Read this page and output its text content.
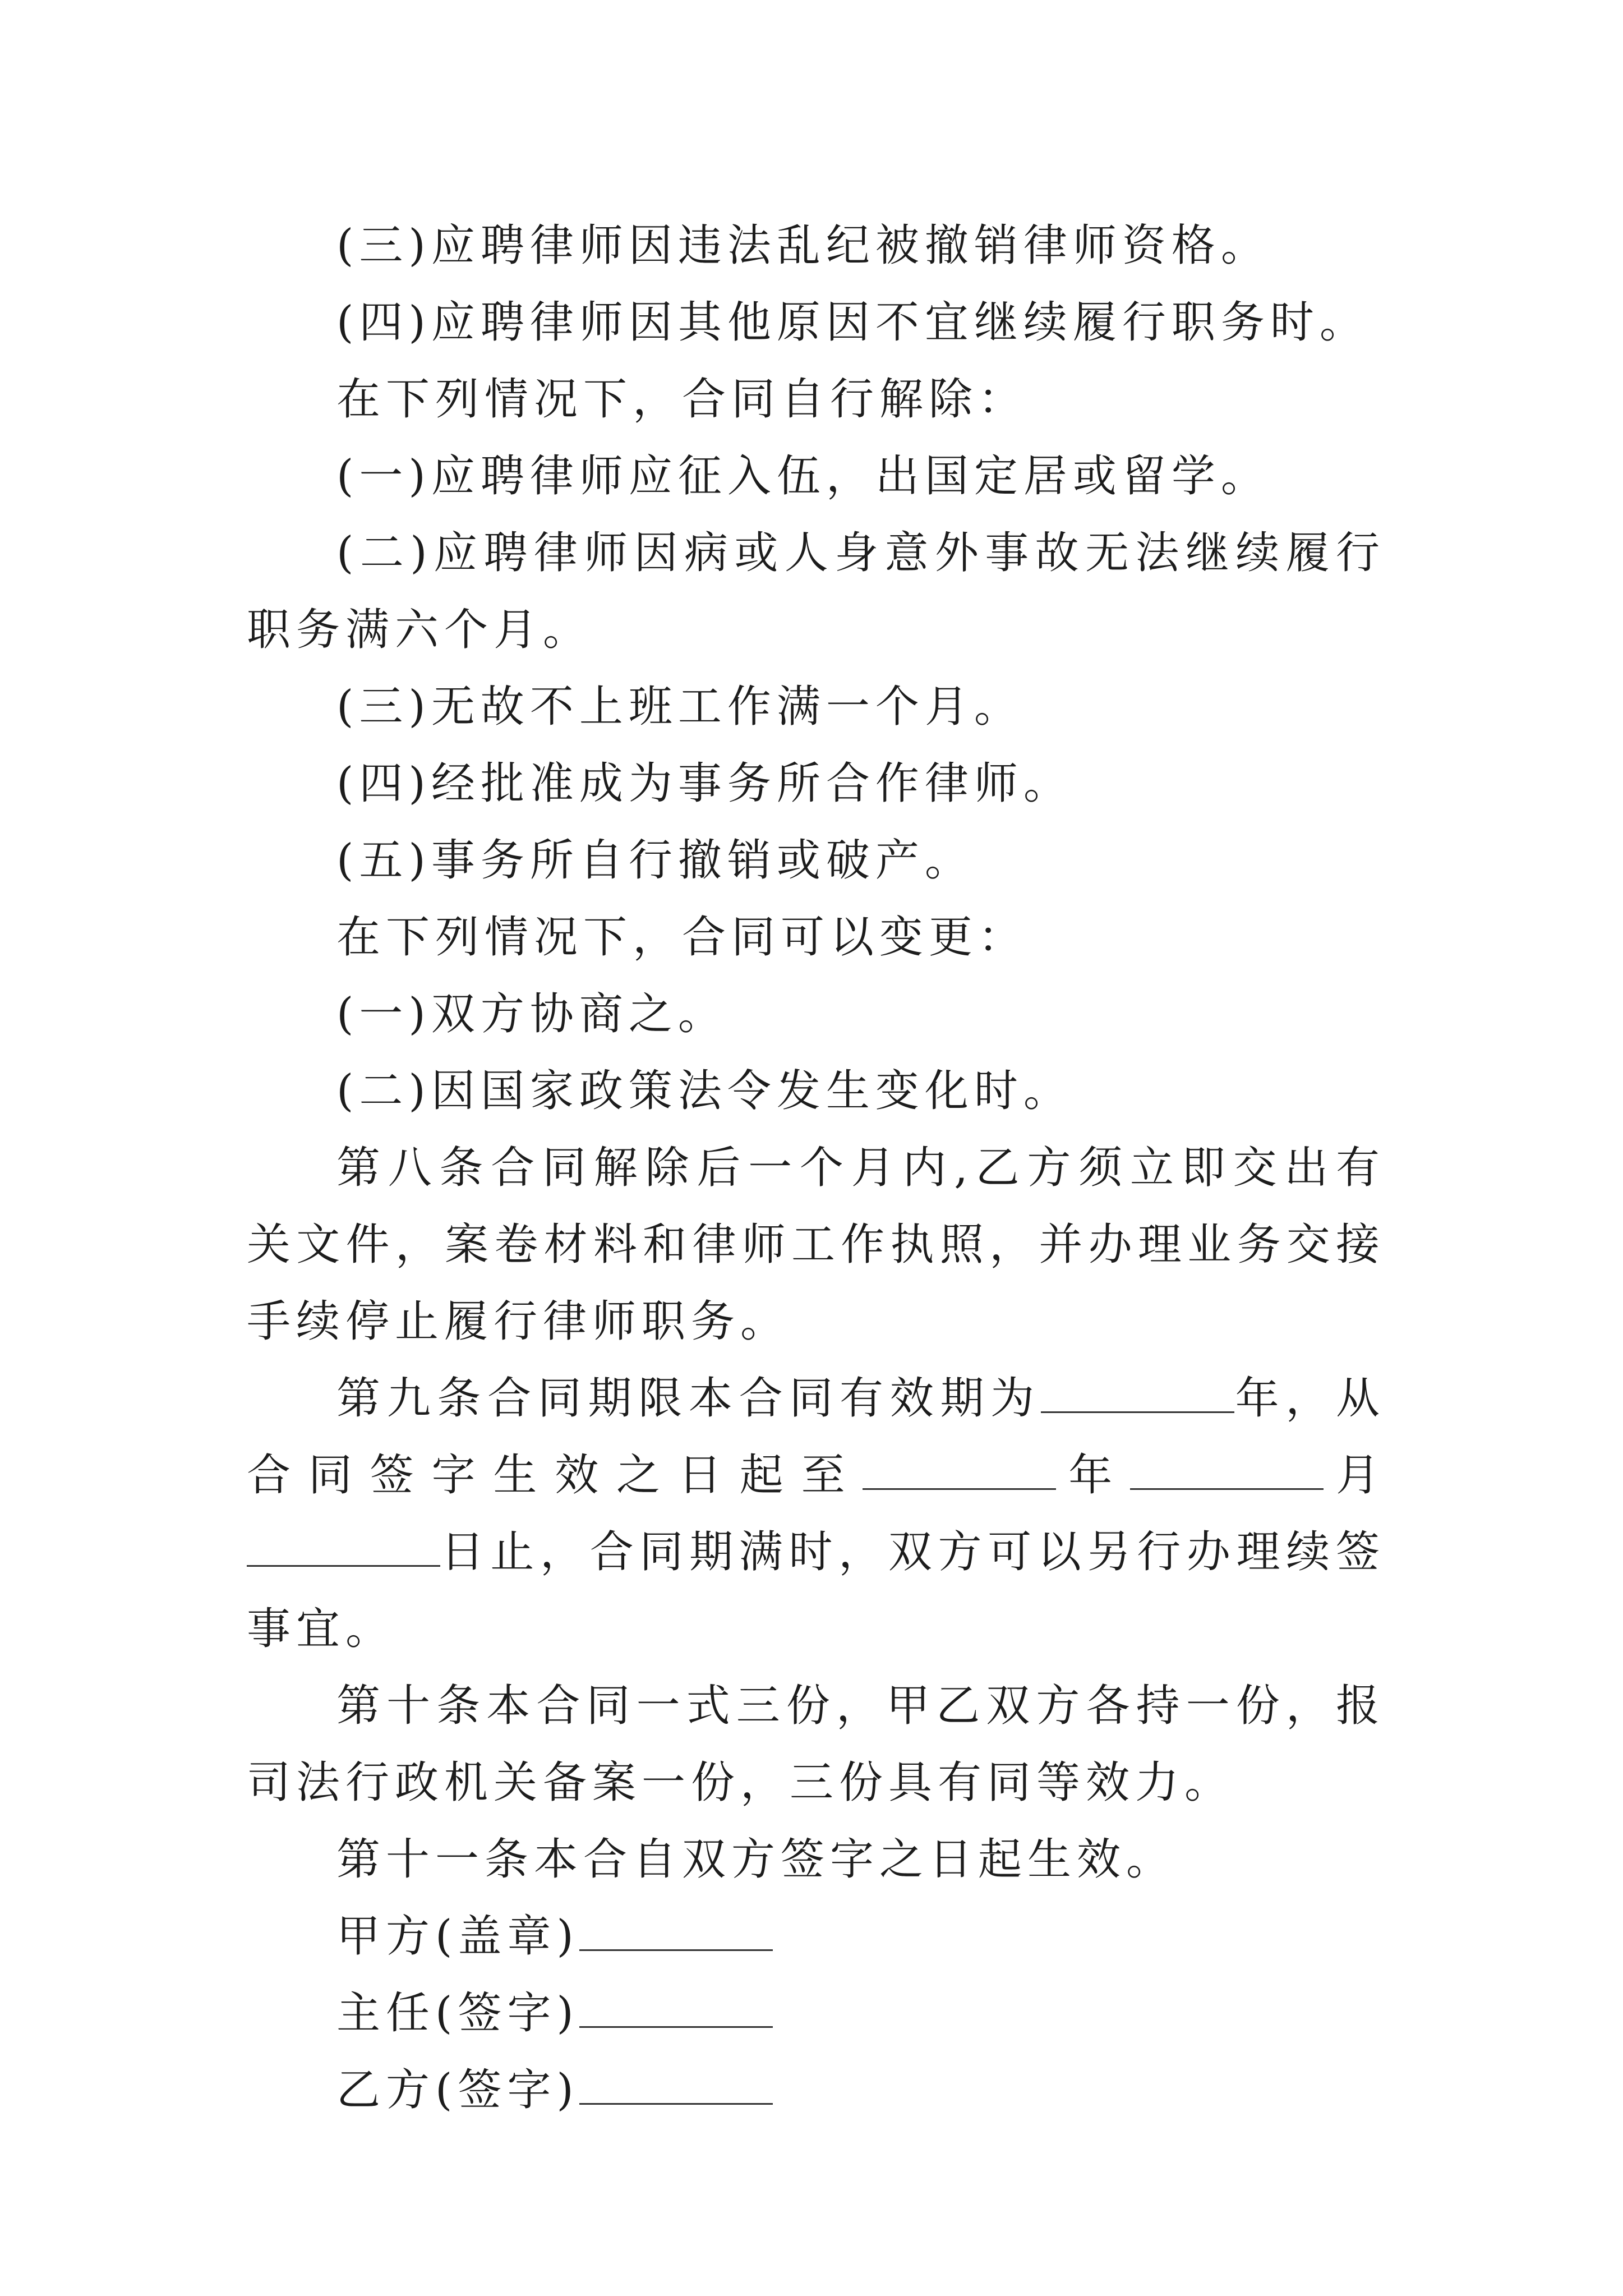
(三)应聘律师因违法乱纪被撤销律师资格。

(四)应聘律师因其他原因不宜继续履行职务时。

在下列情况下，合同自行解除：

(一)应聘律师应征入伍，出国定居或留学。

(二)应聘律师因病或人身意外事故无法继续履行职务满六个月。

(三)无故不上班工作满一个月。

(四)经批准成为事务所合作律师。

(五)事务所自行撤销或破产。

在下列情况下，合同可以变更：

(一)双方协商之。

(二)因国家政策法令发生变化时。

第八条合同解除后一个月内,乙方须立即交出有关文件，案卷材料和律师工作执照，并办理业务交接手续停止履行律师职务。

第九条合同期限本合同有效期为	年，从合同签字生效之日起至	年	月日止，合同期满时，双方可以另行办理续签事宜。

第十条本合同一式三份，甲乙双方各持一份，报司法行政机关备案一份，三份具有同等效力。

第十一条本合自双方签字之日起生效。

甲方(盖章)

主任(签字)

乙方(签字)
